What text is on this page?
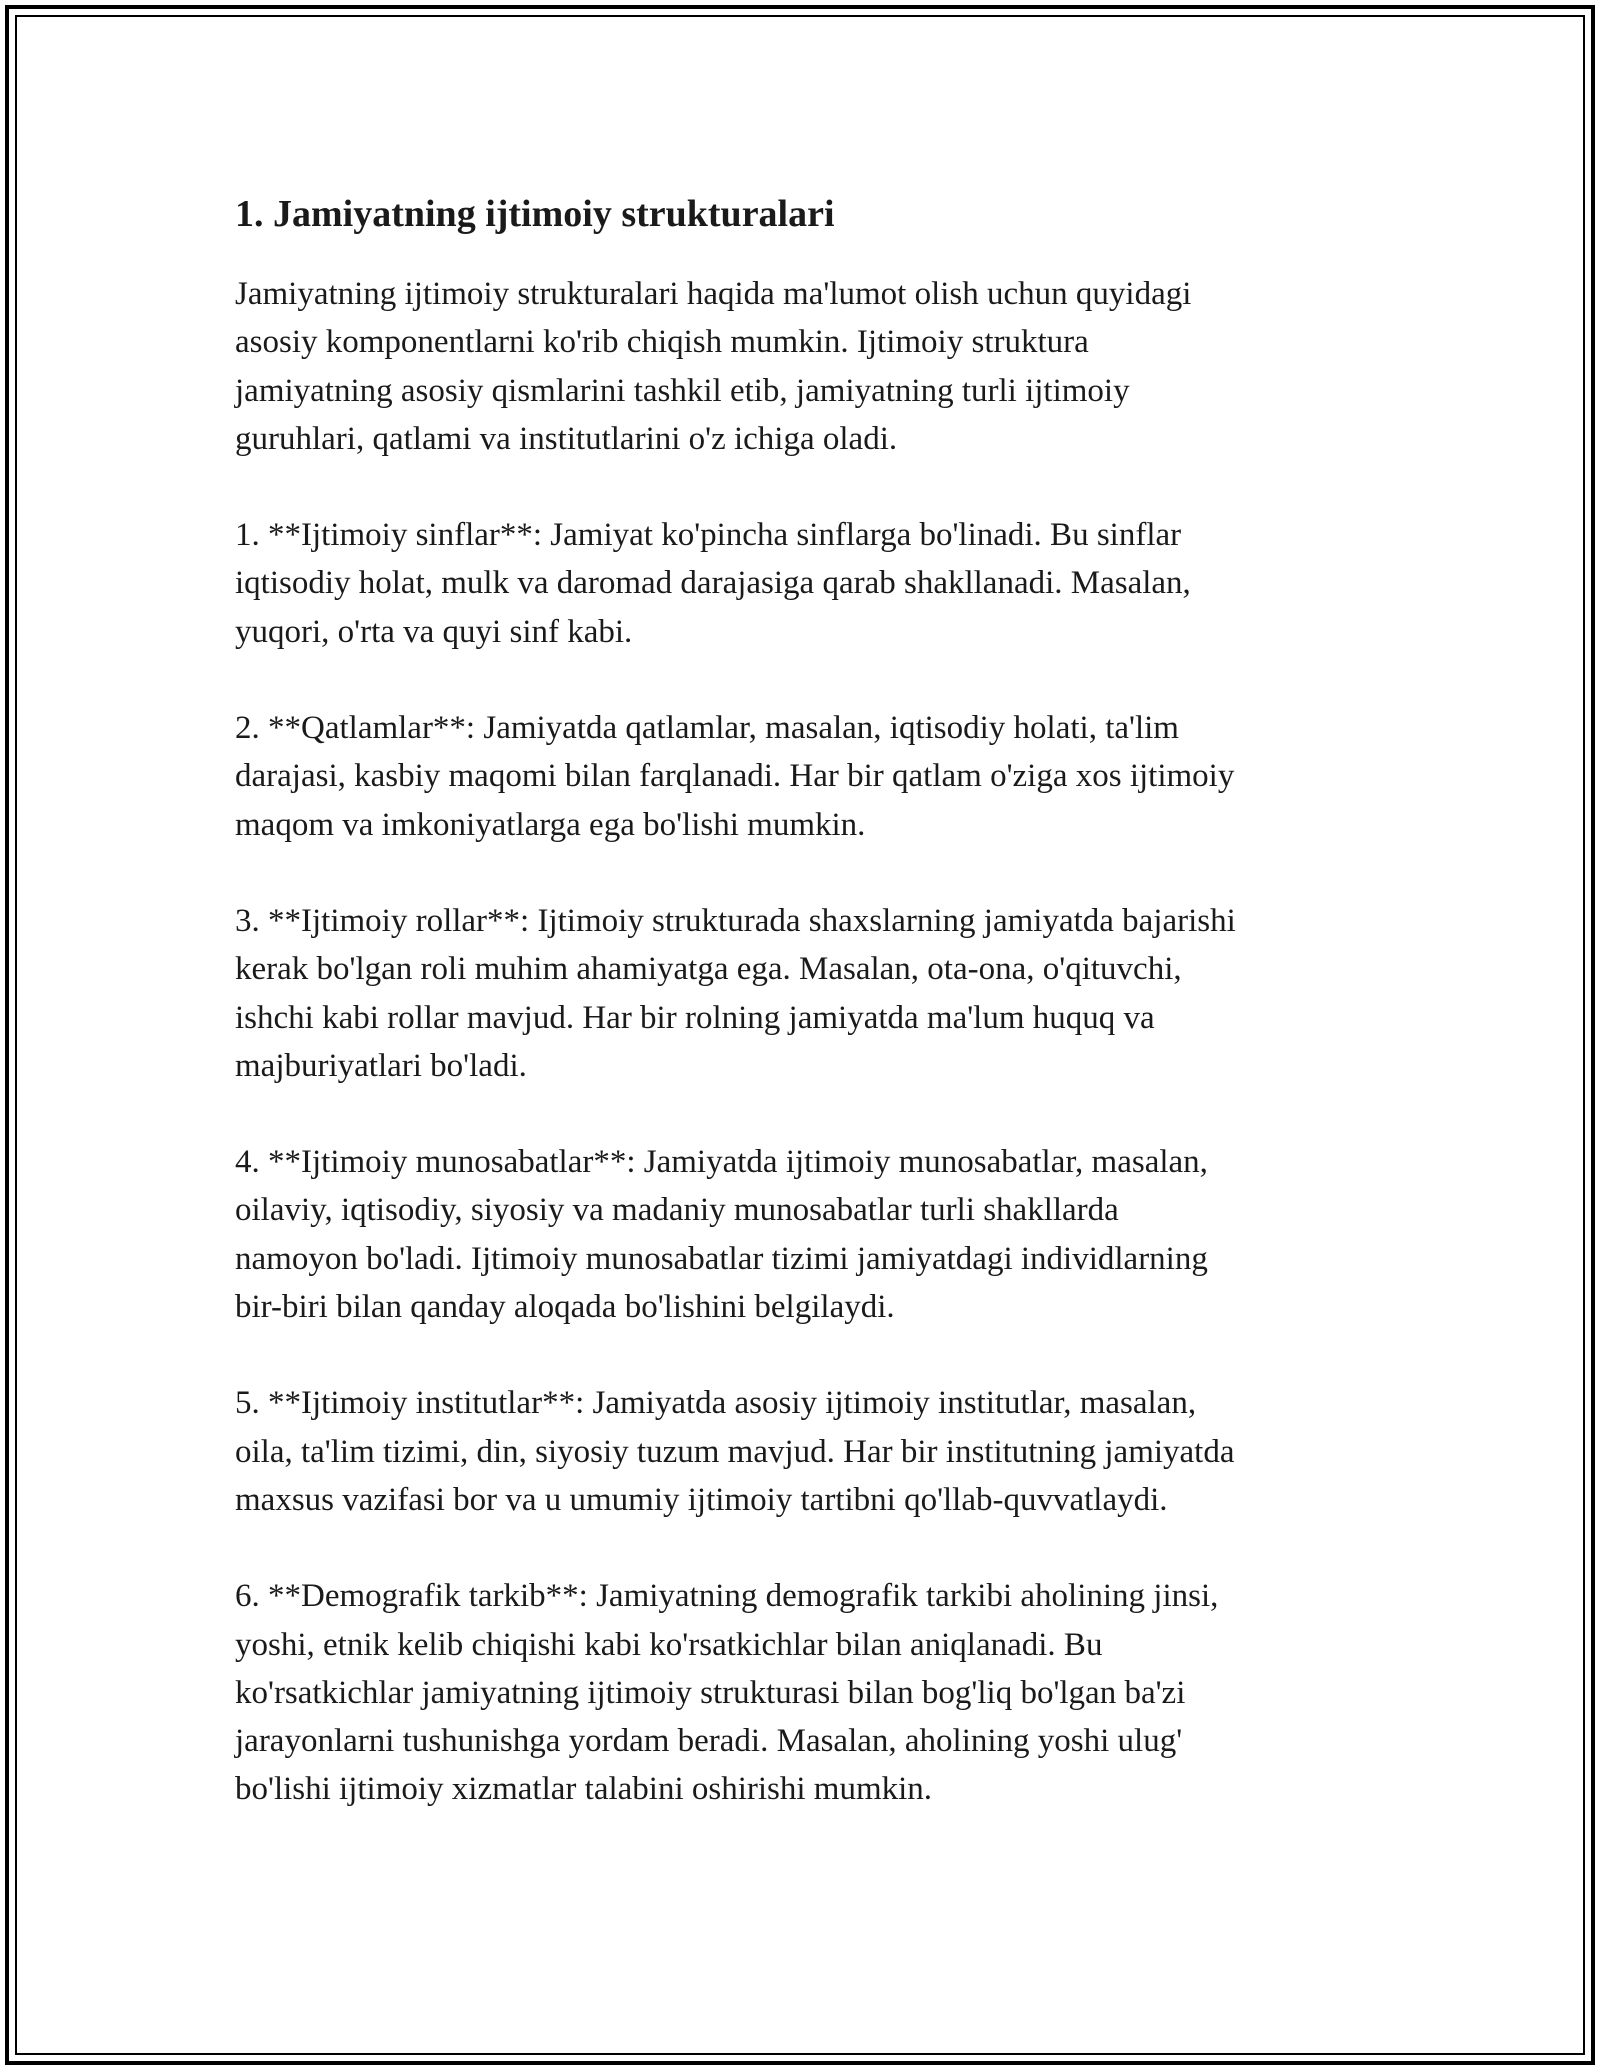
1. Jamiyatning ijtimoiy strukturalari

Jamiyatning ijtimoiy strukturalari haqida ma'lumot olish uchun quyidagi
asosiy komponentlarni ko'rib chiqish mumkin. Ijtimoiy struktura
jamiyatning asosiy qismlarini tashkil etib, jamiyatning turli ijtimoiy
guruhlari, qatlami va institutlarini o'z ichiga oladi.

1. **Ijtimoiy sinflar**: Jamiyat ko'pincha sinflarga bo'linadi. Bu sinflar
iqtisodiy holat, mulk va daromad darajasiga qarab shakllanadi. Masalan,
yuqori, o'rta va quyi sinf kabi.

2. **Qatlamlar**: Jamiyatda qatlamlar, masalan, iqtisodiy holati, ta'lim
darajasi, kasbiy maqomi bilan farqlanadi. Har bir qatlam o'ziga xos ijtimoiy
maqom va imkoniyatlarga ega bo'lishi mumkin.

3. **Ijtimoiy rollar**: Ijtimoiy strukturada shaxslarning jamiyatda bajarishi
kerak bo'lgan roli muhim ahamiyatga ega. Masalan, ota-ona, o'qituvchi,
ishchi kabi rollar mavjud. Har bir rolning jamiyatda ma'lum huquq va
majburiyatlari bo'ladi.

4. **Ijtimoiy munosabatlar**: Jamiyatda ijtimoiy munosabatlar, masalan,
oilaviy, iqtisodiy, siyosiy va madaniy munosabatlar turli shakllarda
namoyon bo'ladi. Ijtimoiy munosabatlar tizimi jamiyatdagi individlarning
bir-biri bilan qanday aloqada bo'lishini belgilaydi.

5. **Ijtimoiy institutlar**: Jamiyatda asosiy ijtimoiy institutlar, masalan,
oila, ta'lim tizimi, din, siyosiy tuzum mavjud. Har bir institutning jamiyatda
maxsus vazifasi bor va u umumiy ijtimoiy tartibni qo'llab-quvvatlaydi.

6. **Demografik tarkib**: Jamiyatning demografik tarkibi aholining jinsi,
yoshi, etnik kelib chiqishi kabi ko'rsatkichlar bilan aniqlanadi. Bu
ko'rsatkichlar jamiyatning ijtimoiy strukturasi bilan bog'liq bo'lgan ba'zi
jarayonlarni tushunishga yordam beradi. Masalan, aholining yoshi ulug'
bo'lishi ijtimoiy xizmatlar talabini oshirishi mumkin.
